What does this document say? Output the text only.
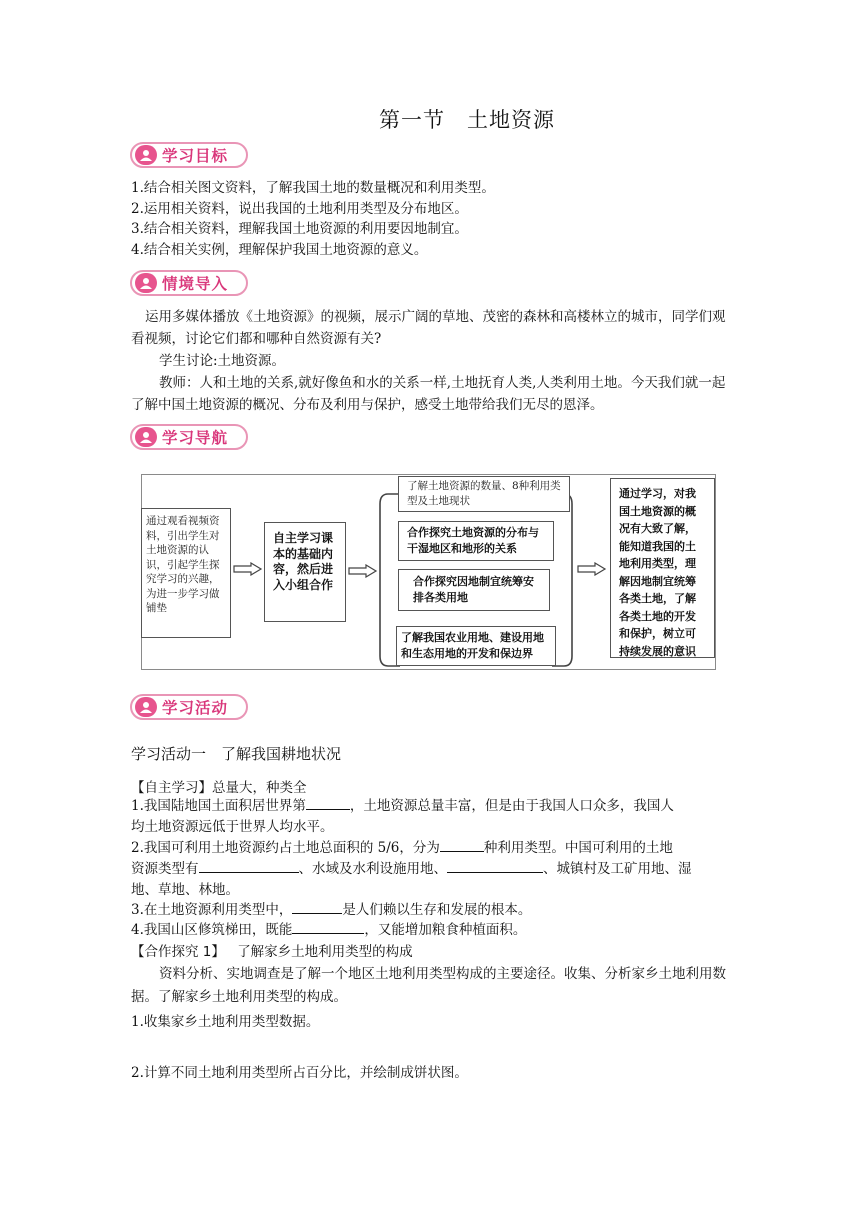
第一节　土地资源
学习目标
1.结合相关图文资料，了解我国土地的数量概况和利用类型。
2.运用相关资料，说出我国的土地利用类型及分布地区。
3.结合相关资料，理解我国土地资源的利用要因地制宜。
4.结合相关实例，理解保护我国土地资源的意义。
情境导入
运用多媒体播放《土地资源》的视频，展示广阔的草地、茂密的森林和高楼林立的城市，同学们观看视频，讨论它们都和哪种自然资源有关?
学生讨论:土地资源。
教师：人和土地的关系,就好像鱼和水的关系一样,土地抚育人类,人类利用土地。今天我们就一起了解中国土地资源的概况、分布及利用与保护，感受土地带给我们无尽的恩泽。
学习导航
通过观看视频资料，引出学生对土地资源的认识，引起学生探究学习的兴趣，为进一步学习做铺垫
自主学习课本的基础内容，然后进入小组合作
了解土地资源的数量、8种利用类型及土地现状
合作探究土地资源的分布与干湿地区和地形的关系
合作探究因地制宜统筹安排各类用地
了解我国农业用地、建设用地和生态用地的开发和保边界
通过学习，对我国土地资源的概况有大致了解，能知道我国的土地利用类型，理解因地制宜统筹各类土地，了解各类土地的开发和保护，树立可持续发展的意识
学习活动
学习活动一　了解我国耕地状况
【自主学习】总量大，种类全
1.我国陆地国土面积居世界第	，土地资源总量丰富，但是由于我国人口众多，我国人
均土地资源远低于世界人均水平。
2.我国可利用土地资源约占土地总面积的 5/6，分为	种利用类型。中国可利用的土地
资源类型有	、水域及水利设施用地、	、城镇村及工矿用地、湿
地、草地、林地。
3.在土地资源利用类型中，	是人们赖以生存和发展的根本。
4.我国山区修筑梯田，既能	，又能增加粮食种植面积。
【合作探究 1】 了解家乡土地利用类型的构成
资料分析、实地调查是了解一个地区土地利用类型构成的主要途径。收集、分析家乡土地利用数据。了解家乡土地利用类型的构成。
1.收集家乡土地利用类型数据。
2.计算不同土地利用类型所占百分比，并绘制成饼状图。
